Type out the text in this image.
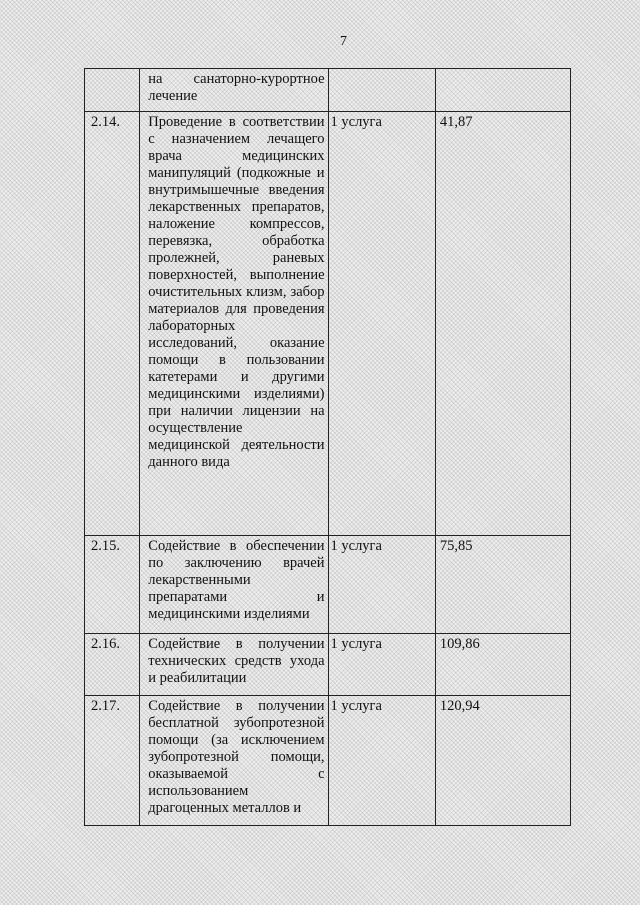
7
	на санаторно-курортное лечение		
2.14.	Проведение в соответствии с назначением лечащего врача медицинских манипуляций (подкожные и внутримышечные введения лекарственных препаратов, наложение компрессов, перевязка, обработка пролежней, раневых поверхностей, выполнение очистительных клизм, забор материалов для проведения лабораторных исследований, оказание помощи в пользовании катетерами и другими медицинскими изделиями) при наличии лицензии на осуществление медицинской деятельности данного вида	1 услуга	41,87
2.15.	Содействие в обеспечении по заключению врачей лекарственными препаратами и медицинскими изделиями	1 услуга	75,85
2.16.	Содействие в получении технических средств ухода и реабилитации	1 услуга	109,86
2.17.	Содействие в получении бесплатной зубопротезной помощи (за исключением зубопротезной помощи, оказываемой с использованием драгоценных металлов и	1 услуга	120,94
